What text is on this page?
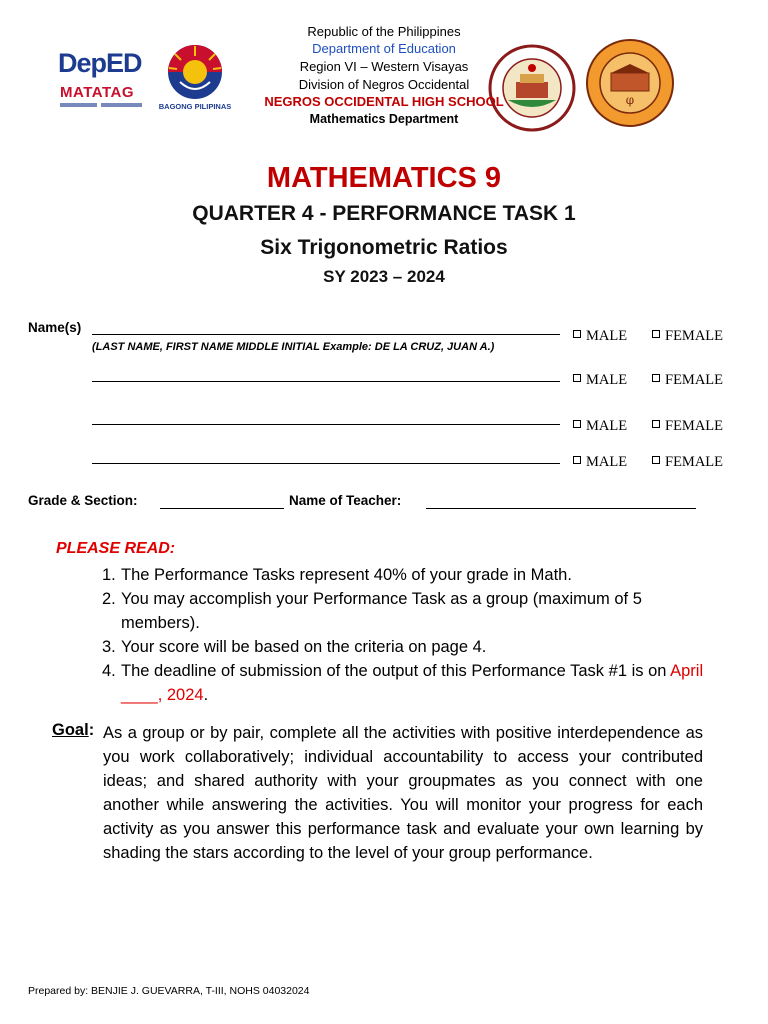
DepED
MATATAG
BAGONG PILIPINAS	φ
Republic of the Philippines
Department of Education
Region VI – Western Visayas
Division of Negros Occidental
NEGROS OCCIDENTAL HIGH SCHOOL
Mathematics Department
MATHEMATICS 9
QUARTER 4 - PERFORMANCE TASK 1
Six Trigonometric Ratios
SY 2023 – 2024
Name(s)
(LAST NAME, FIRST NAME MIDDLE INITIAL Example: DE LA CRUZ, JUAN A.)
MALE	FEMALE
MALE	FEMALE
MALE	FEMALE
MALE	FEMALE
Grade & Section:	Name of Teacher:
PLEASE READ:
1. The Performance Tasks represent 40% of your grade in Math.
2. You may accomplish your Performance Task as a group (maximum of 5 members).
3. Your score will be based on the criteria on page 4.
4. The deadline of submission of the output of this Performance Task #1 is on April ____, 2024.
Goal: As a group or by pair, complete all the activities with positive interdependence as you work collaboratively; individual accountability to access your contributed ideas; and shared authority with your groupmates as you connect with one another while answering the activities. You will monitor your progress for each activity as you answer this performance task and evaluate your own learning by shading the stars according to the level of your group performance.
Prepared by: BENJIE J. GUEVARRA, T-III, NOHS 04032024
